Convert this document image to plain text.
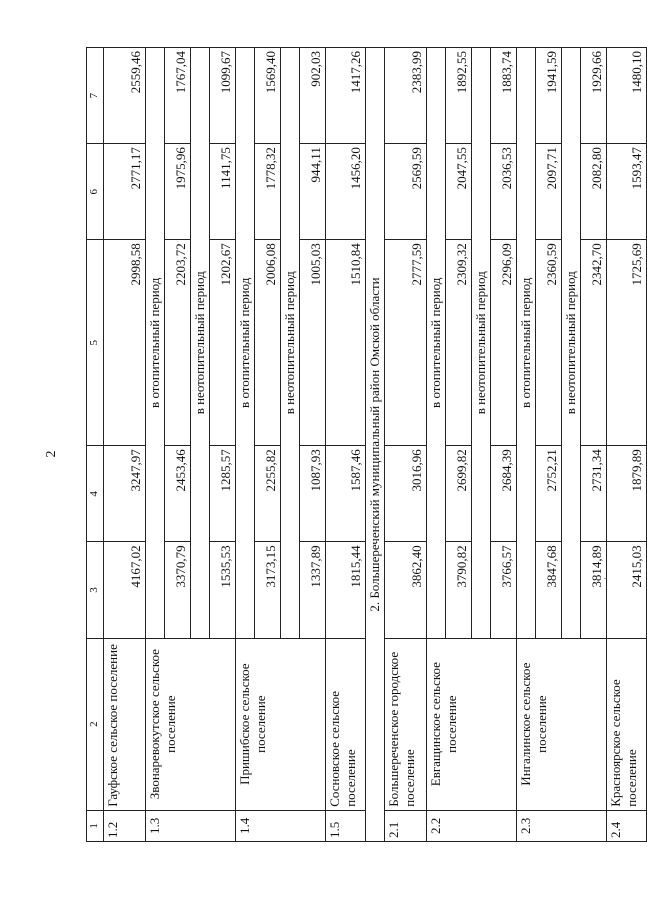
2
.
1	2	3	4	5	6	7
1.2	Гауфское сельское поселение	4167,02	3247,97	2998,58	2771,17	2559,46
1.3	Звонаревокутское сельское поселение	в отопительный период				
		3370,79	2453,46	2203,72	1975,96	1767,04
		в неотопительный период				
		1535,53	1285,57	1202,67	1141,75	1099,67
1.4	Пришибское сельское поселение	в отопительный период				
		3173,15	2255,82	2006,08	1778,32	1569,40
		в неотопительный период				
		1337,89	1087,93	1005,03	944,11	902,03
1.5	Сосновское сельское поселение	1815,44	1587,46	1510,84	1456,20	1417,26
2. Большереченский муниципальный район Омской области						
2.1	Большереченское городское поселение	3862,40	3016,96	2777,59	2569,59	2383,99
2.2	Евгащинское сельское поселение	в отопительный период				
		3790,82	2699,82	2309,32	2047,55	1892,55
		в неотопительный период				
		3766,57	2684,39	2296,09	2036,53	1883,74
2.3	Ингалинское сельское поселение	в отопительный период				
		3847,68	2752,21	2360,59	2097,71	1941,59
		в неотопительный период				
		3814,89	2731,34	2342,70	2082,80	1929,66
2.4	Красноярское сельское поселение	2415,03	1879,89	1725,69	1593,47	1480,10
